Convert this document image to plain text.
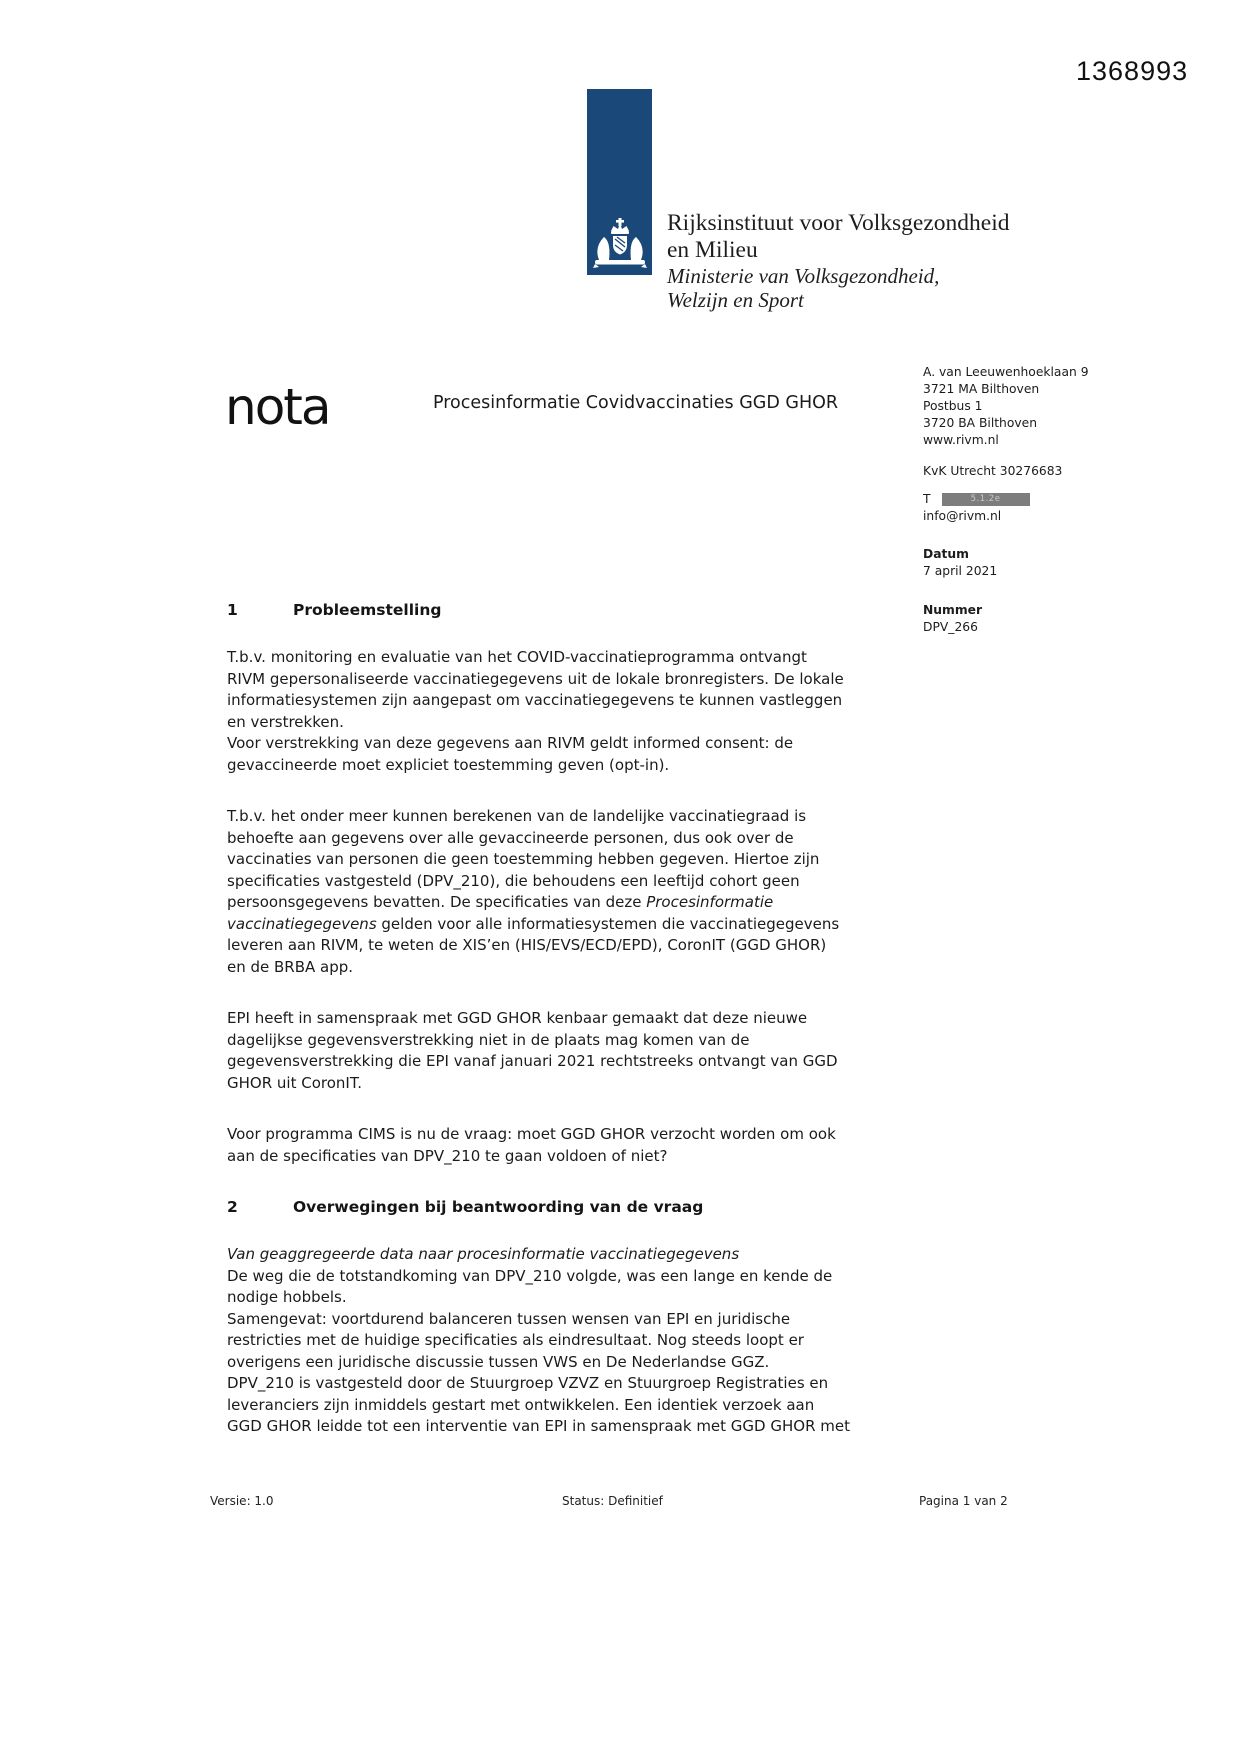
1368993
Rijksinstituut voor Volksgezondheid
en Milieu
Ministerie van Volksgezondheid,
Welzijn en Sport
nota	Procesinformatie Covidvaccinaties GGD GHOR
A. van Leeuwenhoeklaan 9
3721 MA Bilthoven
Postbus 1
3720 BA Bilthoven
www.rivm.nl
KvK Utrecht 30276683
T	5.1.2e
info@rivm.nl
Datum
7 april 2021
Nummer
DPV_266
1	Probleemstelling
T.b.v. monitoring en evaluatie van het COVID-vaccinatieprogramma ontvangt
RIVM gepersonaliseerde vaccinatiegegevens uit de lokale bronregisters. De lokale
informatiesystemen zijn aangepast om vaccinatiegegevens te kunnen vastleggen
en verstrekken.
Voor verstrekking van deze gegevens aan RIVM geldt informed consent: de
gevaccineerde moet expliciet toestemming geven (opt-in).
T.b.v. het onder meer kunnen berekenen van de landelijke vaccinatiegraad is
behoefte aan gegevens over alle gevaccineerde personen, dus ook over de
vaccinaties van personen die geen toestemming hebben gegeven. Hiertoe zijn
specificaties vastgesteld (DPV_210), die behoudens een leeftijd cohort geen
persoonsgegevens bevatten. De specificaties van deze Procesinformatie
vaccinatiegegevens gelden voor alle informatiesystemen die vaccinatiegegevens
leveren aan RIVM, te weten de XIS’en (HIS/EVS/ECD/EPD), CoronIT (GGD GHOR)
en de BRBA app.
EPI heeft in samenspraak met GGD GHOR kenbaar gemaakt dat deze nieuwe
dagelijkse gegevensverstrekking niet in de plaats mag komen van de
gegevensverstrekking die EPI vanaf januari 2021 rechtstreeks ontvangt van GGD
GHOR uit CoronIT.
Voor programma CIMS is nu de vraag: moet GGD GHOR verzocht worden om ook
aan de specificaties van DPV_210 te gaan voldoen of niet?
2	Overwegingen bij beantwoording van de vraag
Van geaggregeerde data naar procesinformatie vaccinatiegegevens
De weg die de totstandkoming van DPV_210 volgde, was een lange en kende de
nodige hobbels.
Samengevat: voortdurend balanceren tussen wensen van EPI en juridische
restricties met de huidige specificaties als eindresultaat. Nog steeds loopt er
overigens een juridische discussie tussen VWS en De Nederlandse GGZ.
DPV_210 is vastgesteld door de Stuurgroep VZVZ en Stuurgroep Registraties en
leveranciers zijn inmiddels gestart met ontwikkelen. Een identiek verzoek aan
GGD GHOR leidde tot een interventie van EPI in samenspraak met GGD GHOR met
Versie: 1.0	Status: Definitief	Pagina 1 van 2
